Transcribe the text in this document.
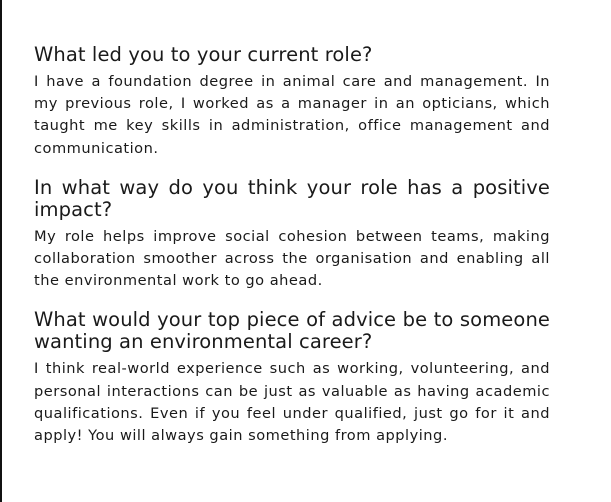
What led you to your current role?

I have a foundation degree in animal care and management. In my previous role, I worked as a manager in an opticians, which taught me key skills in administration, office management and communication.

In what way do you think your role has a positive impact?

My role helps improve social cohesion between teams, making collaboration smoother across the organisation and enabling all the environmental work to go ahead.

What would your top piece of advice be to someone wanting an environmental career?

I think real-world experience such as working, volunteering, and personal interactions can be just as valuable as having academic qualifications. Even if you feel under qualified, just go for it and apply! You will always gain something from applying.
